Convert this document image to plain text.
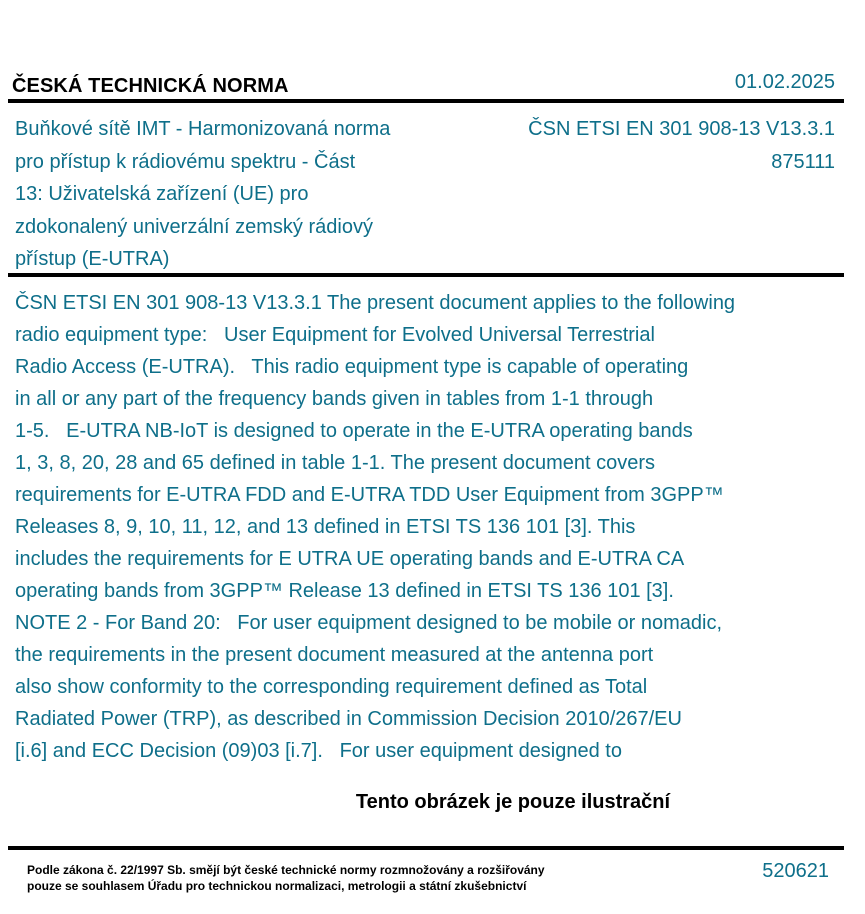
ČESKÁ TECHNICKÁ NORMA	01.02.2025
Buňkové sítě IMT - Harmonizovaná norma
pro přístup k rádiovému spektru - Část
13: Uživatelská zařízení (UE) pro
zdokonalený univerzální zemský rádiový
přístup (E-UTRA)
ČSN ETSI EN 301 908-13 V13.3.1
875111
ČSN ETSI EN 301 908-13 V13.3.1 The present document applies to the following
radio equipment type:   User Equipment for Evolved Universal Terrestrial
Radio Access (E-UTRA).   This radio equipment type is capable of operating
in all or any part of the frequency bands given in tables from 1-1 through
1-5.   E-UTRA NB-IoT is designed to operate in the E-UTRA operating bands
1, 3, 8, 20, 28 and 65 defined in table 1-1. The present document covers
requirements for E-UTRA FDD and E-UTRA TDD User Equipment from 3GPP™
Releases 8, 9, 10, 11, 12, and 13 defined in ETSI TS 136 101 [3]. This
includes the requirements for E UTRA UE operating bands and E-UTRA CA
operating bands from 3GPP™ Release 13 defined in ETSI TS 136 101 [3].
NOTE 2 - For Band 20:   For user equipment designed to be mobile or nomadic,
the requirements in the present document measured at the antenna port
also show conformity to the corresponding requirement defined as Total
Radiated Power (TRP), as described in Commission Decision 2010/267/EU
[i.6] and ECC Decision (09)03 [i.7].   For user equipment designed to
Tento obrázek je pouze ilustrační
Podle zákona č. 22/1997 Sb. smějí být české technické normy rozmnožovány a rozšiřovány
pouze se souhlasem Úřadu pro technickou normalizaci, metrologii a státní zkušebnictví
520621
